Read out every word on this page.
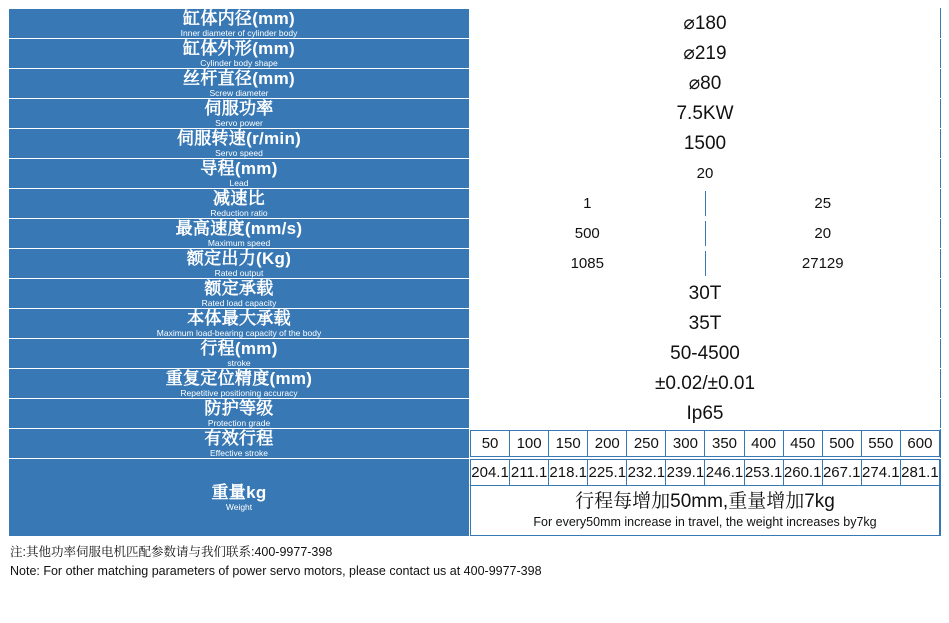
缸体内径(mm)
Inner diameter of cylinder body	⌀180

缸体外形(mm)
Cylinder body shape	⌀219

丝杆直径(mm)
Screw diameter	⌀80

伺服功率
Servo power	7.5KW

伺服转速(r/min)
Servo speed	1500

导程(mm)
Lead
	20

减速比
Reduction ratio

1	25

最高速度(mm/s)
Maximum speed

500	20

额定出力(Kg)
Rated output

1085	27129

额定承载
Rated load capacity	30T

本体最大承载
Maximum load-bearing capacity of the body	35T

行程(mm)
stroke	50-4500

重复定位精度(mm)
Repetitive positioning accuracy	±0.02/±0.01

防护等级
Protection grade	Ip65

有效行程
Effective stroke

50	100	150	200	250	300	350	400	450	500	550	600

重量kg
Weight

204.1	211.1	218.1	225.1	232.1	239.1	246.1	253.1	260.1	267.1	274.1	281.1

行程每增加50mm,重量增加7kg
For every50mm increase in travel, the weight increases by7kg
注:其他功率伺服电机匹配参数请与我们联系:400-9977-398
Note: For other matching parameters of power servo motors, please contact us at 400-9977-398
